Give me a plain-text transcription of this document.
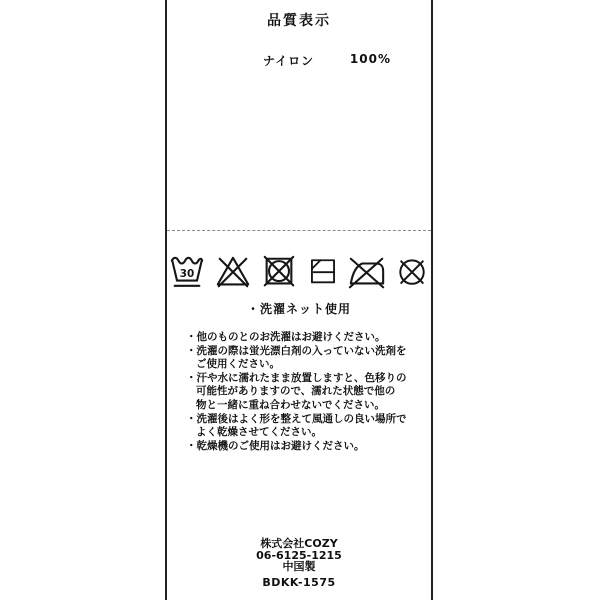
品質表示
ナイロン	100%
30
・洗濯ネット使用
・他のものとのお洗濯はお避けください。
・洗濯の際は蛍光漂白剤の入っていない洗剤を
ご使用ください。
・汗や水に濡れたまま放置しますと、色移りの
可能性がありますので、濡れた状態で他の
物と一緒に重ね合わせないでください。
・洗濯後はよく形を整えて風通しの良い場所で
よく乾燥させてください。
・乾燥機のご使用はお避けください。
株式会社COZY
06-6125-1215
中国製
BDKK-1575
